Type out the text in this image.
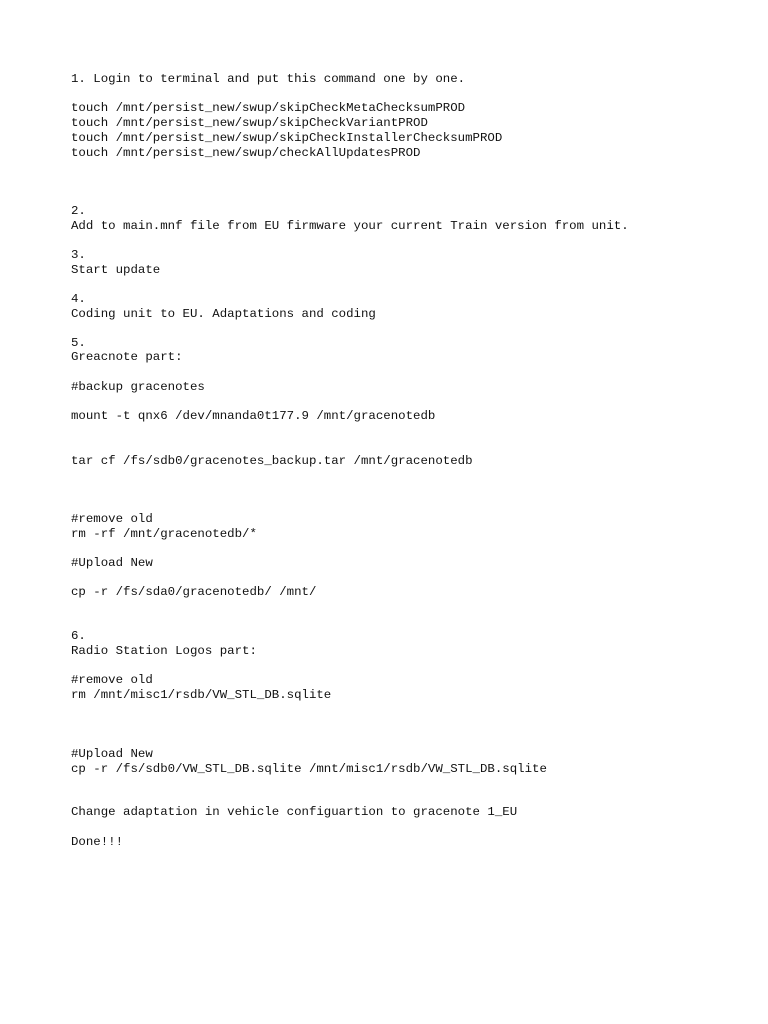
1. Login to terminal and put this command one by one.

touch /mnt/persist_new/swup/skipCheckMetaChecksumPROD

touch /mnt/persist_new/swup/skipCheckVariantPROD

touch /mnt/persist_new/swup/skipCheckInstallerChecksumPROD

touch /mnt/persist_new/swup/checkAllUpdatesPROD

2.

Add to main.mnf file from EU firmware your current Train version from unit.

3.

Start update

4.

Coding unit to EU. Adaptations and coding

5.

Greacnote part:

#backup gracenotes

mount -t qnx6 /dev/mnanda0t177.9 /mnt/gracenotedb

tar cf /fs/sdb0/gracenotes_backup.tar /mnt/gracenotedb

#remove old

rm -rf /mnt/gracenotedb/*

#Upload New

cp -r /fs/sda0/gracenotedb/ /mnt/

6.

Radio Station Logos part:

#remove old

rm /mnt/misc1/rsdb/VW_STL_DB.sqlite

#Upload New

cp -r /fs/sdb0/VW_STL_DB.sqlite /mnt/misc1/rsdb/VW_STL_DB.sqlite

Change adaptation in vehicle configuartion to gracenote 1_EU

Done!!!
